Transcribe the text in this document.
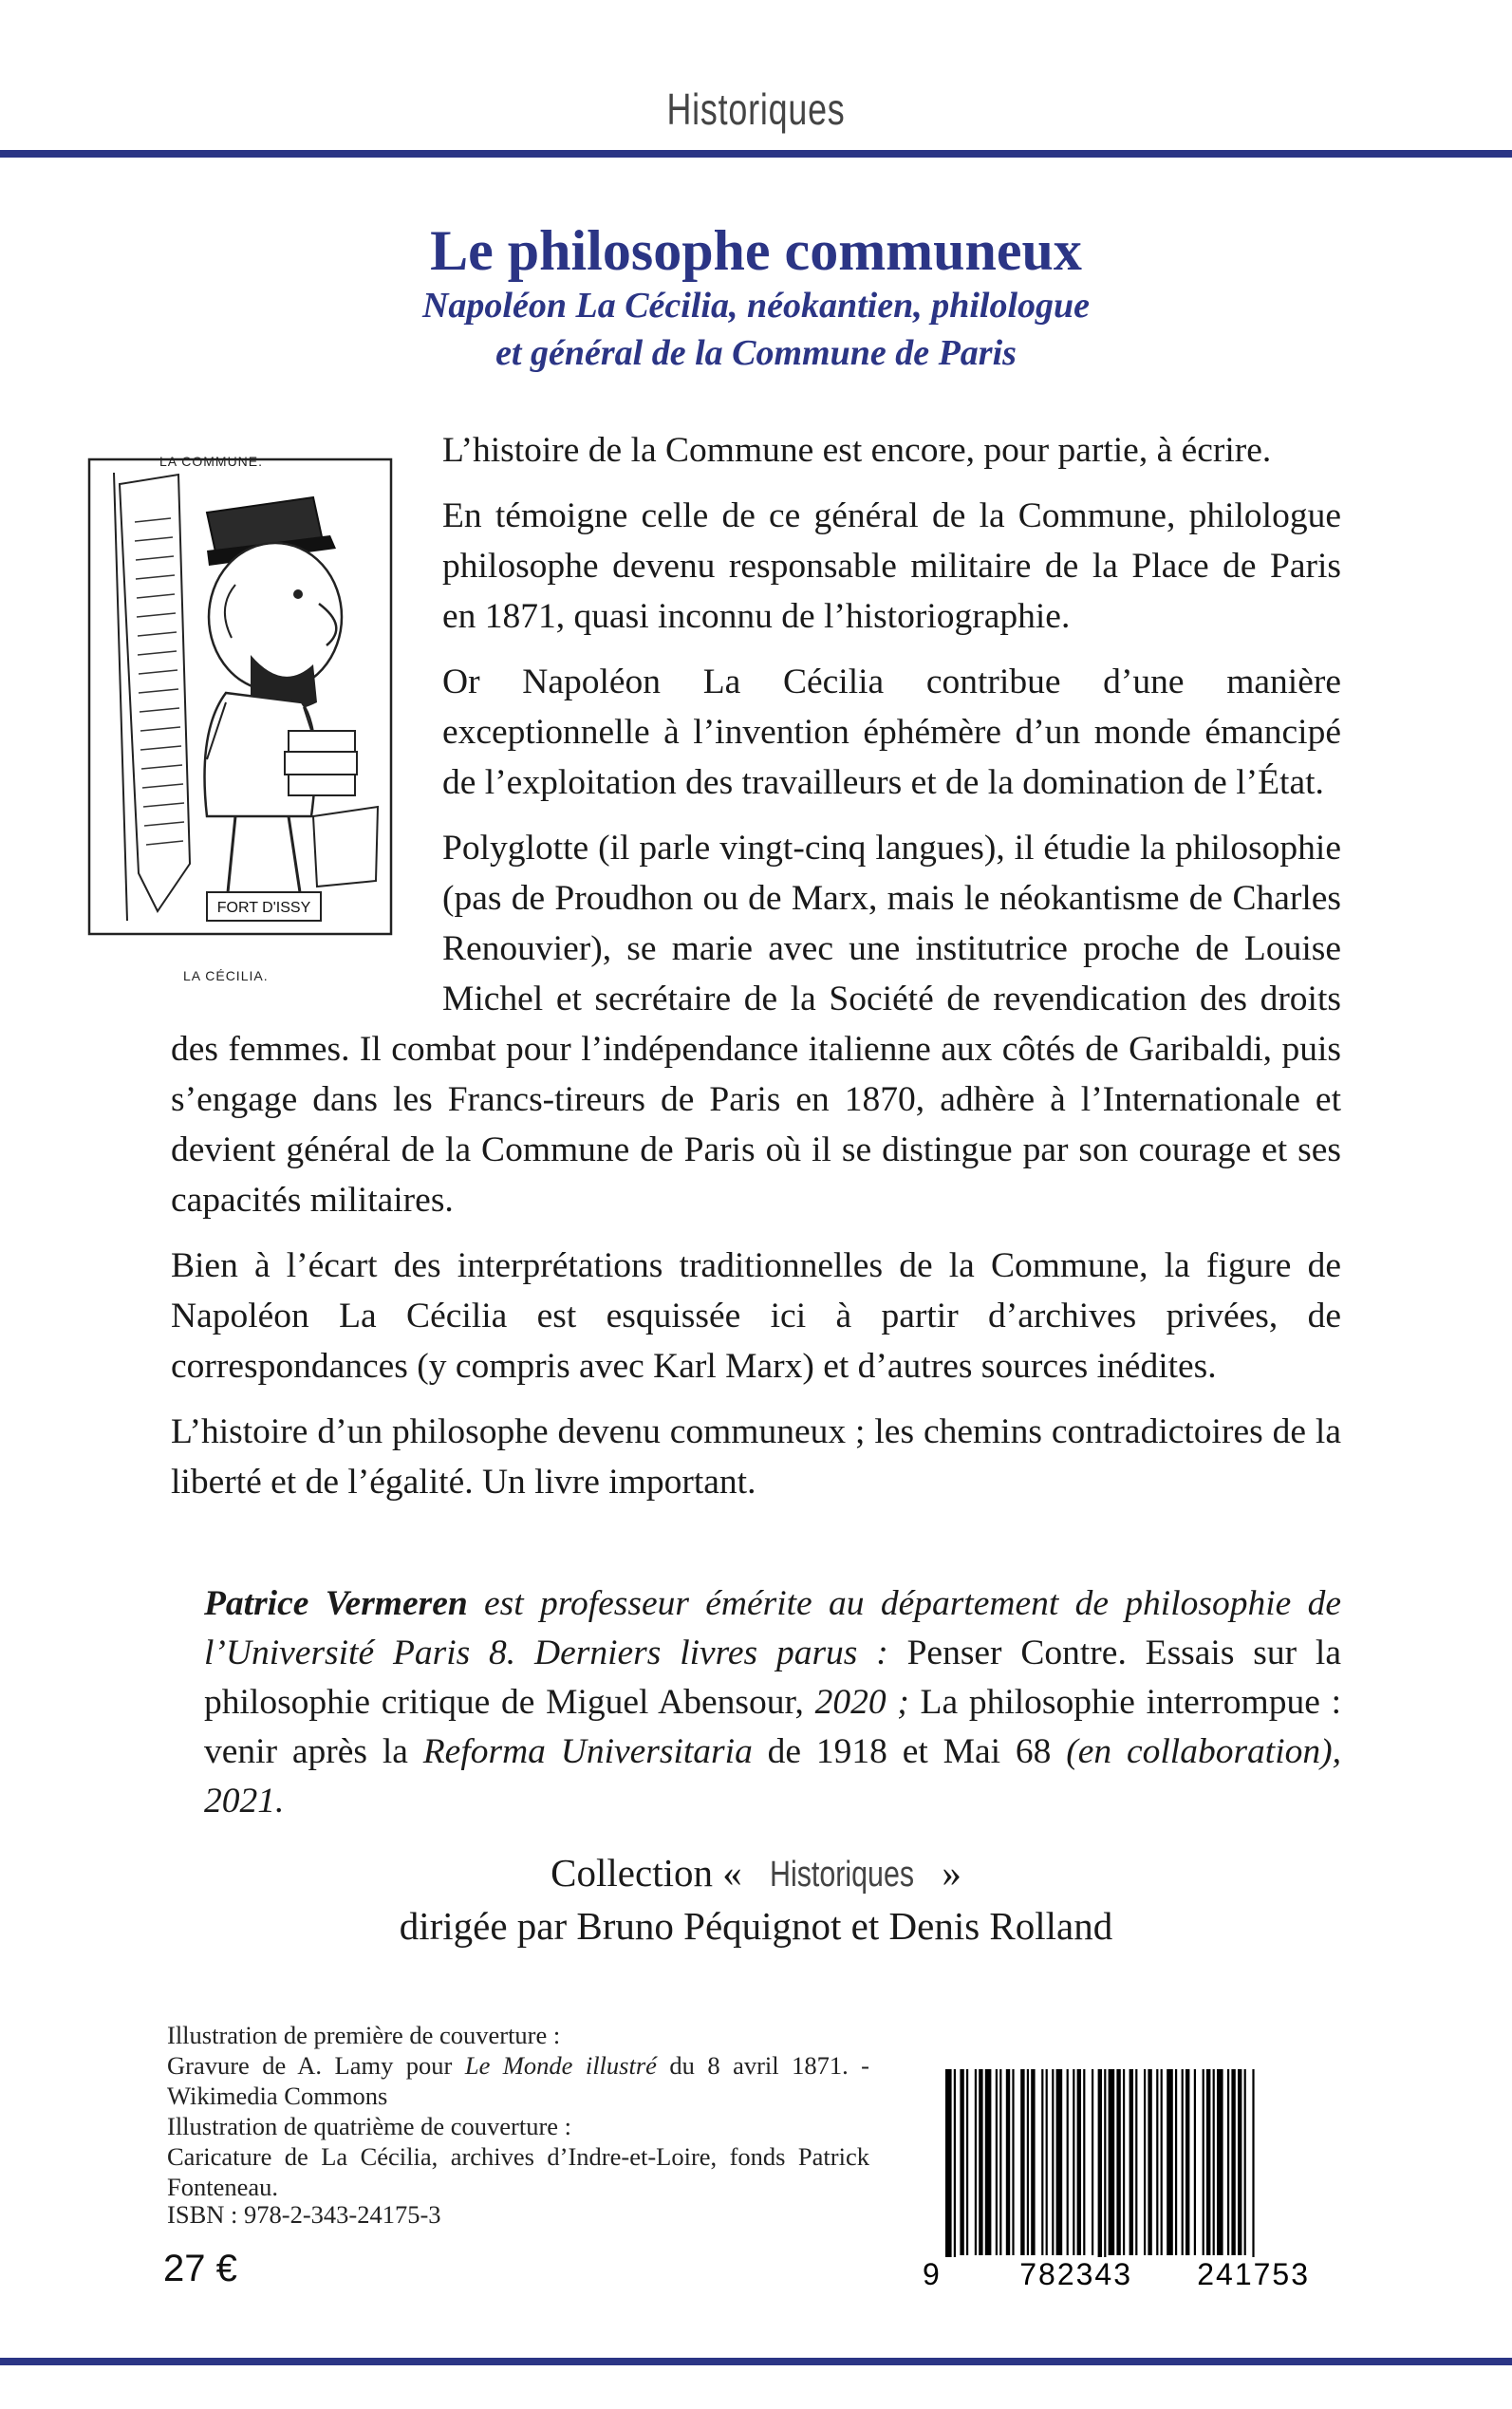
Historiques
Le philosophe communeux
Napoléon La Cécilia, néokantien, philologue
et général de la Commune de Paris
LA COMMUNE.
FORT D'ISSY
LA CÉCILIA.

L’histoire de la Commune est encore, pour partie, à écrire.

En témoigne celle de ce général de la Commune, philologue philosophe devenu responsable militaire de la Place de Paris en 1871, quasi inconnu de l’historiographie.

Or Napoléon La Cécilia contribue d’une manière exceptionnelle à l’invention éphémère d’un monde émancipé de l’exploitation des travailleurs et de la domination de l’État.

Polyglotte (il parle vingt-cinq langues), il étudie la philosophie (pas de Proudhon ou de Marx, mais le néokantisme de Charles Renouvier), se marie avec une institutrice proche de Louise Michel et secrétaire de la Société de revendication des droits des femmes. Il combat pour l’indépendance italienne aux côtés de Garibaldi, puis s’engage dans les Francs-tireurs de Paris en 1870, adhère à l’Internationale et devient général de la Commune de Paris où il se distingue par son courage et ses capacités militaires.

Bien à l’écart des interprétations traditionnelles de la Commune, la figure de Napoléon La Cécilia est esquissée ici à partir d’archives privées, de correspondances (y compris avec Karl Marx) et d’autres sources inédites.

L’histoire d’un philosophe devenu communeux ; les chemins contradictoires de la liberté et de l’égalité. Un livre important.

Patrice Vermeren est professeur émérite au département de philosophie de l’Université Paris 8. Derniers livres parus : Penser Contre. Essais sur la philosophie critique de Miguel Abensour, 2020 ; La philosophie interrompue : venir après la Reforma Universitaria de 1918 et Mai 68 (en collaboration), 2021.

Collection « Historiques »
dirigée par Bruno Péquignot et Denis Rolland

Illustration de première de couverture :

Gravure de A. Lamy pour Le Monde illustré du 8 avril 1871. - Wikimedia Commons

Illustration de quatrième de couverture :

Caricature de La Cécilia, archives d’Indre-et-Loire, fonds Patrick Fonteneau.

ISBN : 978-2-343-24175-3
27 €	9	782343 241753
